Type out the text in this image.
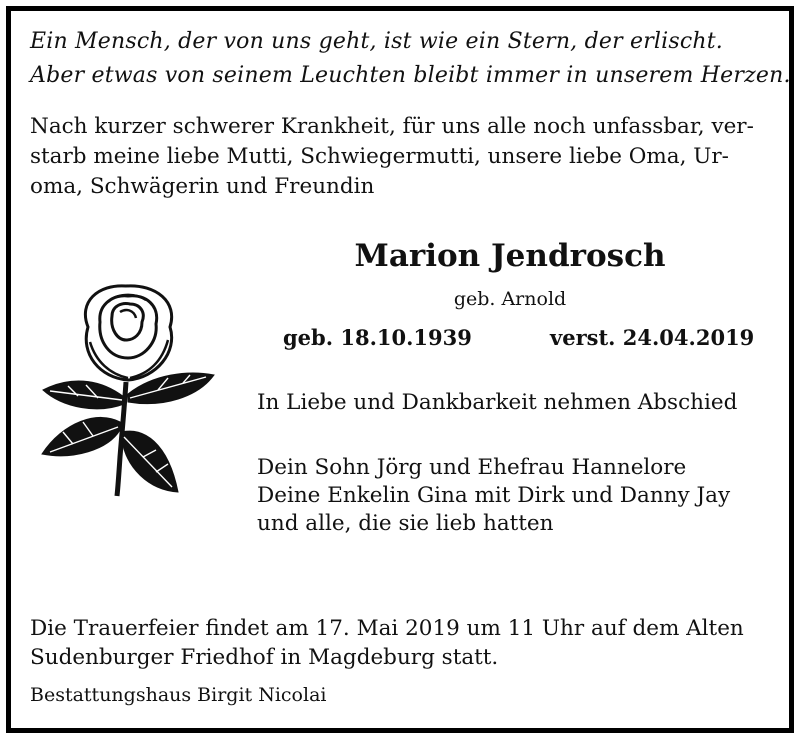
Ein Mensch, der von uns geht, ist wie ein Stern, der erlischt.
Aber etwas von seinem Leuchten bleibt immer in unserem Herzen.
Nach kurzer schwerer Krankheit, für uns alle noch unfassbar, ver-
starb meine liebe Mutti, Schwiegermutti, unsere liebe Oma, Ur-
oma, Schwägerin und Freundin
Marion Jendrosch
geb. Arnold
geb. 18.10.1939	verst. 24.04.2019
In Liebe und Dankbarkeit nehmen Abschied
Dein Sohn Jörg und Ehefrau Hannelore
Deine Enkelin Gina mit Dirk und Danny Jay
und alle, die sie lieb hatten
Die Trauerfeier findet am 17. Mai 2019 um 11 Uhr auf dem Alten
Sudenburger Friedhof in Magdeburg statt.
Bestattungshaus Birgit Nicolai
